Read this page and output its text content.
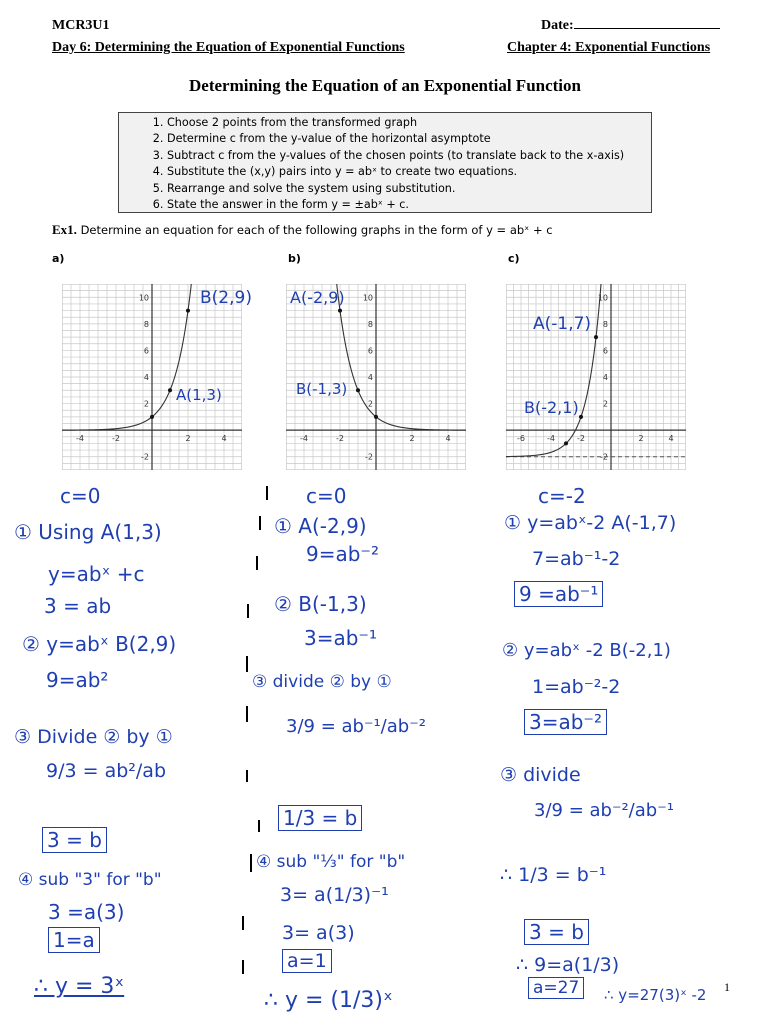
MCR3U1	Date:
Day 6: Determining the Equation of Exponential Functions	Chapter 4: Exponential Functions
Determining the Equation of an Exponential Function
1. Choose 2 points from the transformed graph
2. Determine c from the y-value of the horizontal asymptote
3. Subtract c from the y-values of the chosen points (to translate back to the x-axis)
4. Substitute the (x,y) pairs into y = abˣ to create two equations.
5. Rearrange and solve the system using substitution.
6. State the answer in the form y = ±abˣ + c.
Ex1. Determine an equation for each of the following graphs in the form of y = abˣ + c
a)	b)	c)
-4	-2	2	4
10
8
6
4
2
-2
-4	-2	2	4
10
8
6
4
2
-2
-6	-4	-2	2	4
10
8
6
4
2
-2
B(2,9)
A(1,3)
A(-2,9)
B(-1,3)
A(-1,7)
B(-2,1)
c=0
① Using A(1,3)
y=abˣ +c
3 = ab
② y=abˣ B(2,9)
9=ab²
③ Divide ② by ①
9/3 = ab²/ab
3 = b
④ sub "3" for "b"
3 =a(3)
1=a
∴ y = 3ˣ
c=0
① A(-2,9)
9=ab⁻²
② B(-1,3)
3=ab⁻¹
③ divide ② by ①
3/9 = ab⁻¹/ab⁻²
1/3 = b
④ sub "⅓" for "b"
3= a(1/3)⁻¹
3= a(3)
a=1
∴ y = (1/3)ˣ
c=-2
① y=abˣ-2 A(-1,7)
7=ab⁻¹-2
9 =ab⁻¹
② y=abˣ -2 B(-2,1)
1=ab⁻²-2
3=ab⁻²
③ divide
3/9 = ab⁻²/ab⁻¹
∴ 1/3 = b⁻¹
3 = b
∴ 9=a(1/3)
a=27	∴ y=27(3)ˣ -2 1
